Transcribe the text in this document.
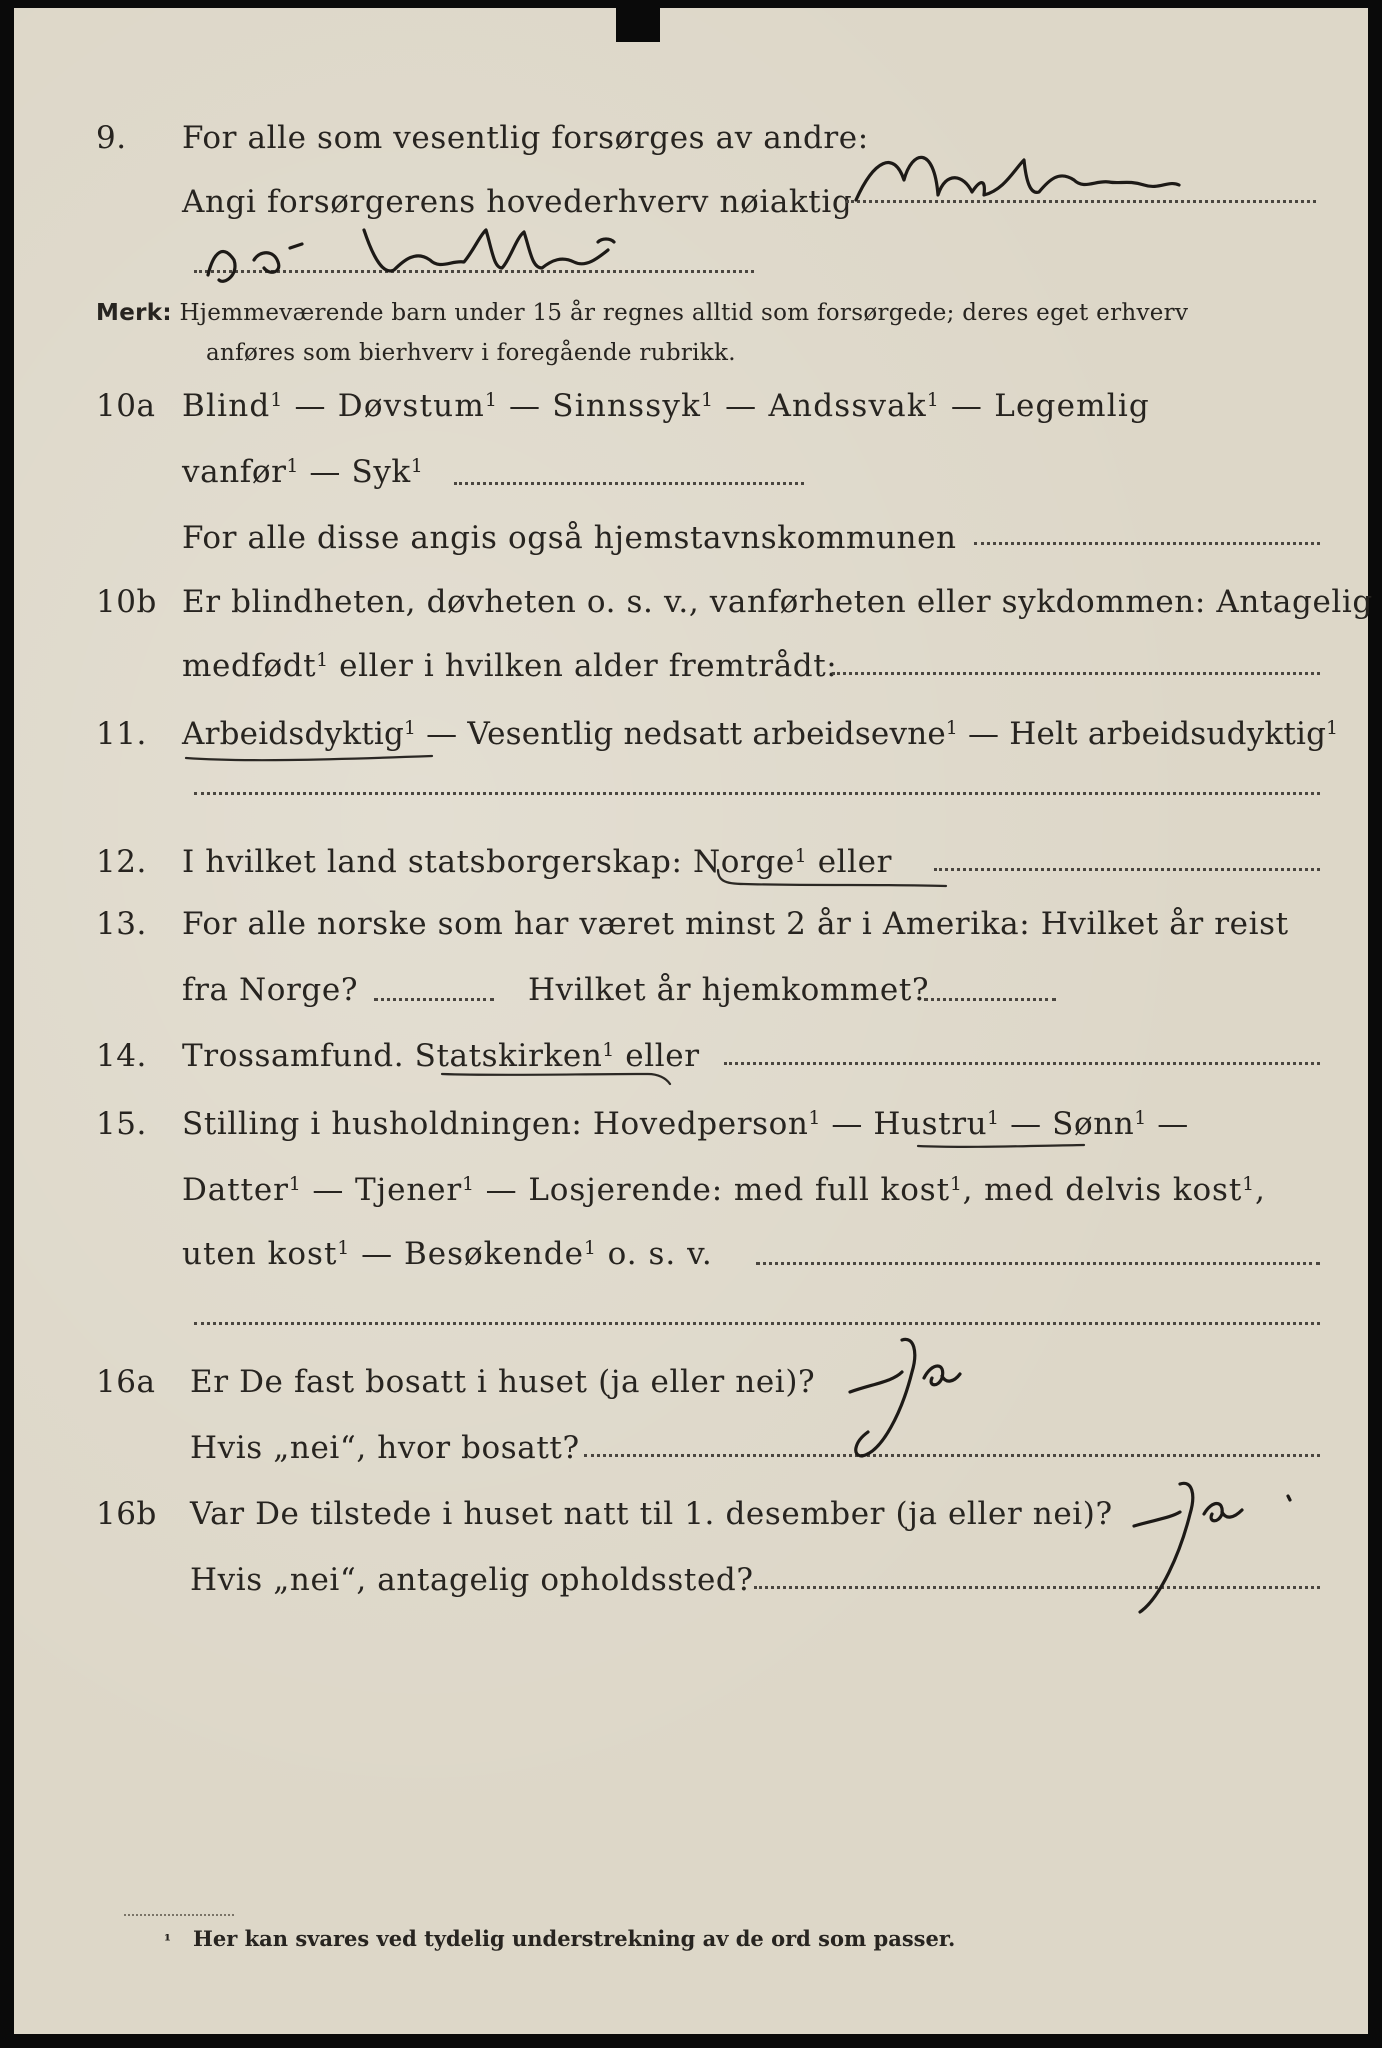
9. For alle som vesentlig forsørges av andre:
Angi forsørgerens hovederhverv nøiaktig
Merk: Hjemmeværende barn under 15 år regnes alltid som forsørgede; deres eget erhverv
anføres som bierhverv i foregående rubrikk.
10a Blind$^1$ — Døvstum$^1$ — Sinnssyk$^1$ — Andssvak$^1$ — Legemlig
vanfør$^1$ — Syk$^1$
For alle disse angis også hjemstavnskommunen
10b Er blindheten, døvheten o. s. v., vanførheten eller sykdommen: Antagelig
medfødt$^1$ eller i hvilken alder fremtrådt:
11. Arbeidsdyktig$^1$ — Vesentlig nedsatt arbeidsevne$^1$ — Helt arbeidsudyktig$^1$
12. I hvilket land statsborgerskap: Norge$^1$ eller
13. For alle norske som har været minst 2 år i Amerika: Hvilket år reist
fra Norge?	Hvilket år hjemkommet?
14. Trossamfund. Statskirken$^1$ eller
15. Stilling i husholdningen: Hovedperson$^1$ — Hustru$^1$ — Sønn$^1$ —
Datter$^1$ — Tjener$^1$ — Losjerende: med full kost$^1$, med delvis kost$^1$,
uten kost$^1$ — Besøkende$^1$ o. s. v.
16a Er De fast bosatt i huset (ja eller nei)?
Hvis „nei“, hvor bosatt?
16b Var De tilstede i huset natt til 1. desember (ja eller nei)?
Hvis „nei“, antagelig opholdssted?
¹ Her kan svares ved tydelig understrekning av de ord som passer.
